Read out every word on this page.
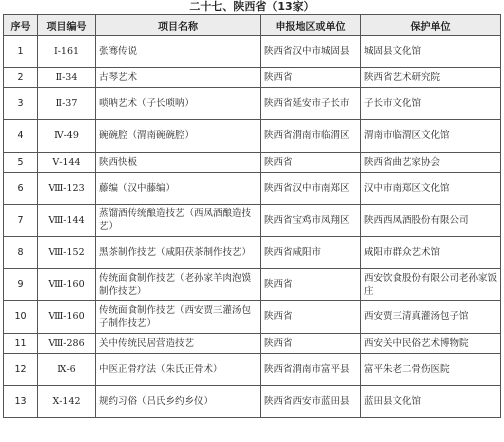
二十七、陕西省（13家）
序号	项目编号	项目名称	申报地区或单位	保护单位
1	Ⅰ-161	张骞传说	陕西省汉中市城固县	城固县文化馆
2	Ⅱ-34	古琴艺术	陕西省	陕西省艺术研究院
3	Ⅱ-37	唢呐艺术（子长唢呐）	陕西省延安市子长市	子长市文化馆
4	Ⅳ-49	碗碗腔（渭南碗碗腔）	陕西省渭南市临渭区	渭南市临渭区文化馆
5	Ⅴ-144	陕西快板	陕西省	陕西省曲艺家协会
6	Ⅷ-123	藤编（汉中藤编）	陕西省汉中市南郑区	汉中市南郑区文化馆
7	Ⅷ-144	蒸馏酒传统酿造技艺（西凤酒酿造技艺）	陕西省宝鸡市凤翔区	陕西西凤酒股份有限公司
8	Ⅷ-152	黑茶制作技艺（咸阳茯茶制作技艺）	陕西省咸阳市	咸阳市群众艺术馆
9	Ⅷ-160	传统面食制作技艺（老孙家羊肉泡馍制作技艺）	陕西省	西安饮食股份有限公司老孙家饭庄
10	Ⅷ-160	传统面食制作技艺（西安贾三灌汤包子制作技艺）	陕西省	西安贾三清真灌汤包子馆
11	Ⅷ-286	关中传统民居营造技艺	陕西省	西安关中民俗艺术博物院
12	Ⅸ-6	中医正骨疗法（朱氏正骨术）	陕西省渭南市富平县	富平朱老二骨伤医院
13	Ⅹ-142	规约习俗（吕氏乡约乡仪）	陕西省西安市蓝田县	蓝田县文化馆
